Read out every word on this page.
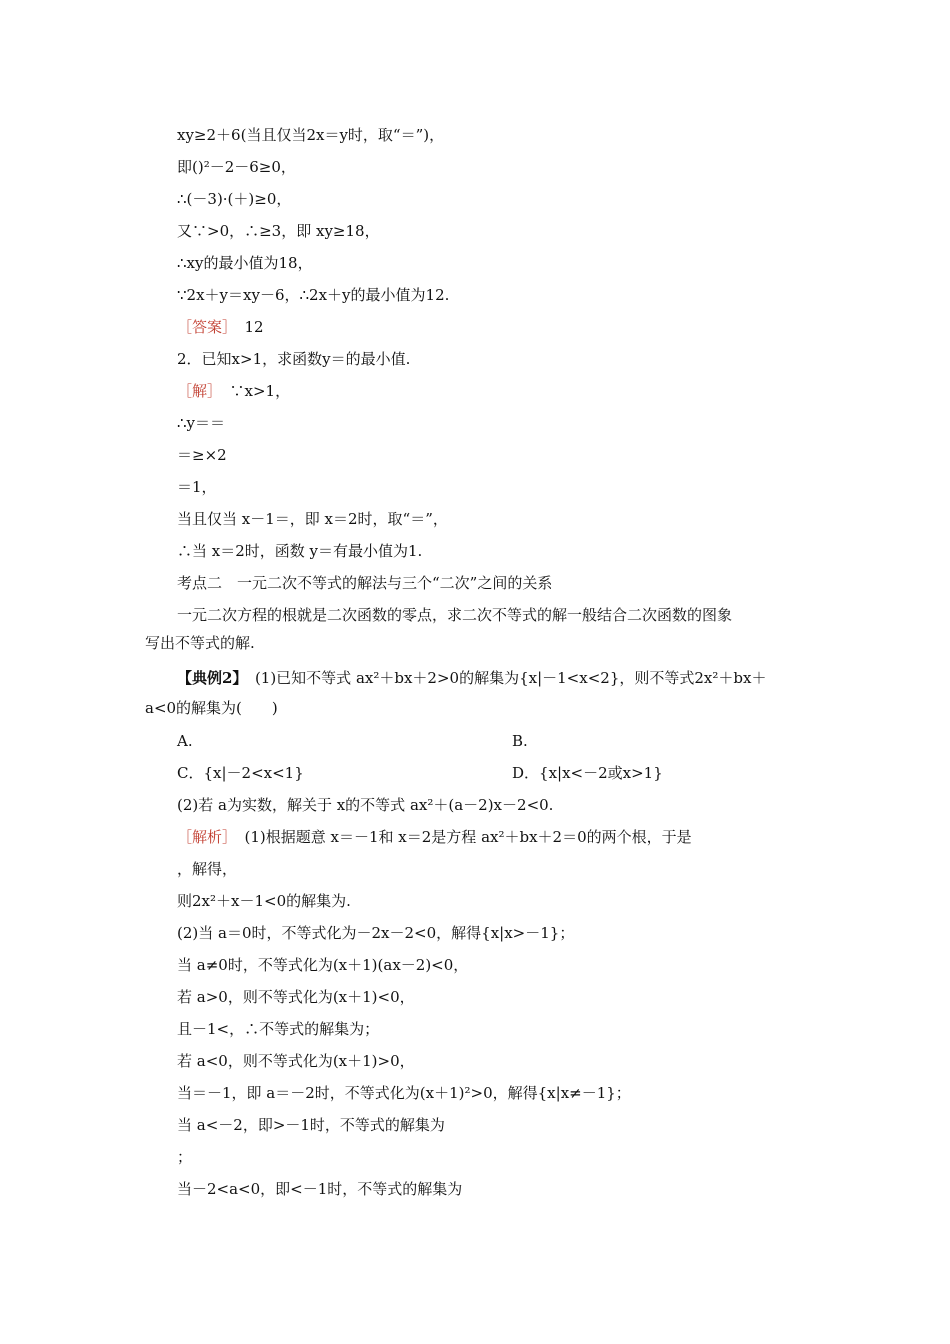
xy≥2＋6(当且仅当2x＝y时，取“＝”)，
即()²－2－6≥0，
∴(－3)·(＋)≥0，
又∵>0，∴≥3，即 xy≥18，
∴xy的最小值为18，
∵2x＋y＝xy－6，∴2x＋y的最小值为12.
［答案］　12
2．已知x>1，求函数y＝的最小值.
［解］　∵x>1，
∴y＝＝
＝≥×2
＝1，
当且仅当 x－1＝，即 x＝2时，取“＝”，
∴当 x＝2时，函数 y＝有最小值为1.
考点二　一元二次不等式的解法与三个“二次”之间的关系
一元二次方程的根就是二次函数的零点，求二次不等式的解一般结合二次函数的图象
写出不等式的解.
【典例2】　(1)已知不等式 ax²＋bx＋2>0的解集为{x|－1<x<2}，则不等式2x²＋bx＋
a<0的解集为(　　)
A.	B.
C．{x|－2<x<1}	D．{x|x<－2或x>1}
(2)若 a为实数，解关于 x的不等式 ax²＋(a－2)x－2<0.
［解析］　(1)根据题意 x＝－1和 x＝2是方程 ax²＋bx＋2＝0的两个根，于是
，解得，
则2x²＋x－1<0的解集为.
(2)当 a＝0时，不等式化为－2x－2<0，解得{x|x>－1}；
当 a≠0时，不等式化为(x＋1)(ax－2)<0，
若 a>0，则不等式化为(x＋1)<0，
且－1<，∴不等式的解集为；
若 a<0，则不等式化为(x＋1)>0，
当＝－1，即 a＝－2时，不等式化为(x＋1)²>0，解得{x|x≠－1}；
当 a<－2，即>－1时，不等式的解集为
；
当－2<a<0，即<－1时，不等式的解集为
